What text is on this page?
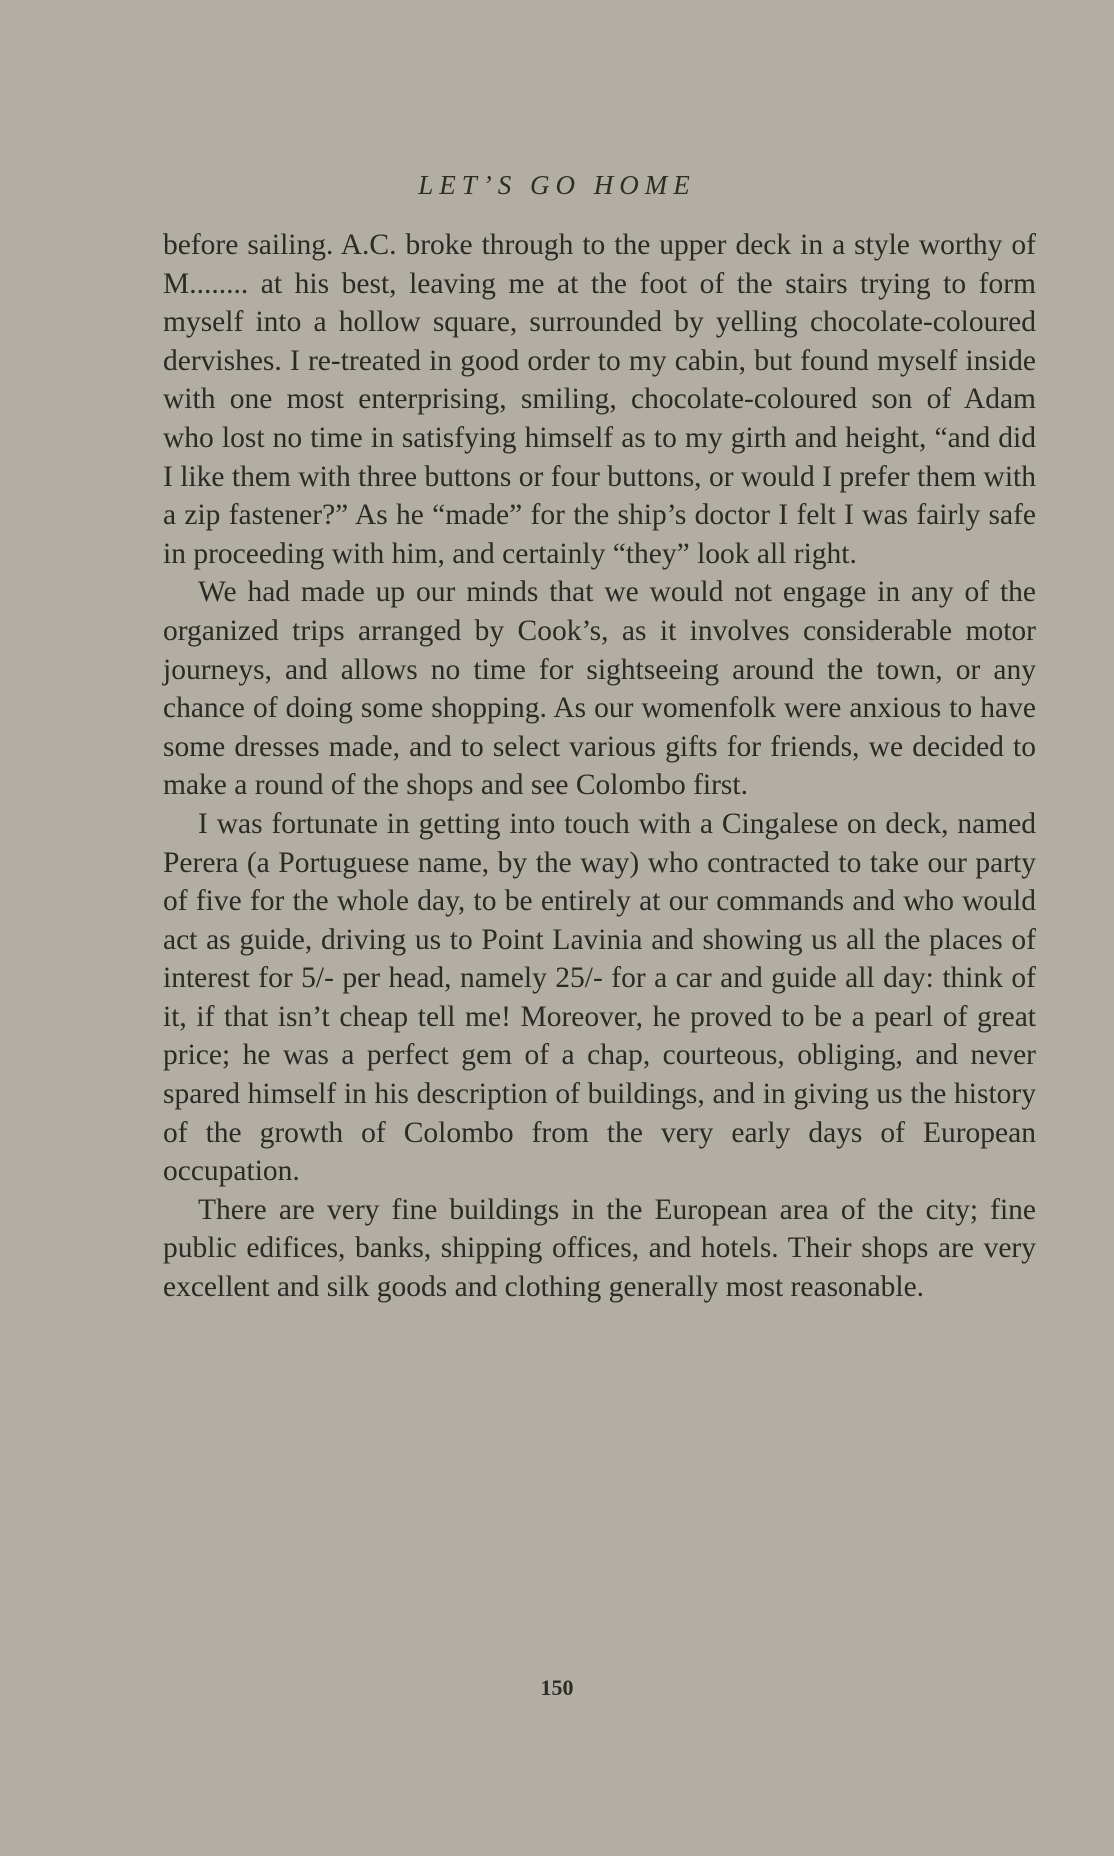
LET’S GO HOME

before sailing. A.C. broke through to the upper deck in a style worthy of M........ at his best, leaving me at the foot of the stairs trying to form myself into a hollow square, surrounded by yelling chocolate-coloured dervishes. I re-treated in good order to my cabin, but found myself inside with one most enterprising, smiling, chocolate-coloured son of Adam who lost no time in satisfying himself as to my girth and height, “and did I like them with three buttons or four buttons, or would I prefer them with a zip fastener?” As he “made” for the ship’s doctor I felt I was fairly safe in proceeding with him, and certainly “they” look all right.

We had made up our minds that we would not engage in any of the organized trips arranged by Cook’s, as it involves considerable motor journeys, and allows no time for sightseeing around the town, or any chance of doing some shopping. As our womenfolk were anxious to have some dresses made, and to select various gifts for friends, we decided to make a round of the shops and see Colombo first.

I was fortunate in getting into touch with a Cingalese on deck, named Perera (a Portuguese name, by the way) who contracted to take our party of five for the whole day, to be entirely at our commands and who would act as guide, driving us to Point Lavinia and showing us all the places of interest for 5/- per head, namely 25/- for a car and guide all day: think of it, if that isn’t cheap tell me! Moreover, he proved to be a pearl of great price; he was a perfect gem of a chap, courteous, obliging, and never spared himself in his description of buildings, and in giving us the history of the growth of Colombo from the very early days of European occupation.

There are very fine buildings in the European area of the city; fine public edifices, banks, shipping offices, and hotels. Their shops are very excellent and silk goods and clothing generally most reasonable.

150
